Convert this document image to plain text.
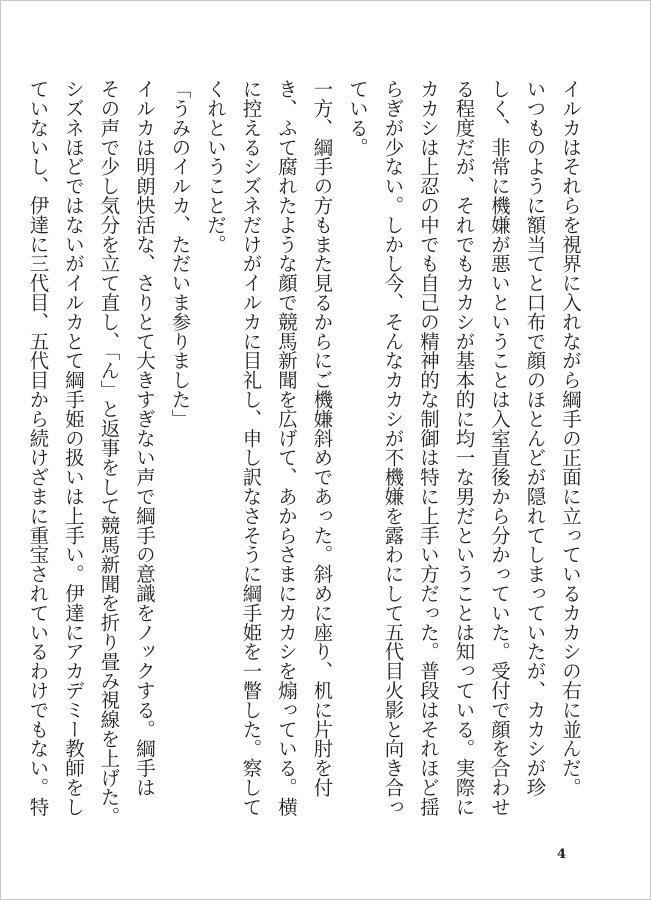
イルカはそれらを視界に入れながら綱手の正面に立っているカカシの右に並んだ。
いつものように額当てと口布で顔のほとんどが隠れてしまっていたが、カカシが珍
しく、非常に機嫌が悪いということは入室直後から分かっていた。受付で顔を合わせ
る程度だが、それでもカカシが基本的に均一な男だということは知っている。実際に
カカシは上忍の中でも自己の精神的な制御は特に上手い方だった。普段はそれほど揺
らぎが少ない。しかし今、そんなカカシが不機嫌を露わにして五代目火影と向き合っ
ている。
一方、綱手の方もまた見るからにご機嫌斜めであった。斜めに座り、机に片肘を付
き、ふて腐れたような顔で競馬新聞を広げて、あからさまにカカシを煽っている。横
に控えるシズネだけがイルカに目礼し、申し訳なさそうに綱手姫を一瞥した。察して
くれということだ。
「うみのイルカ、ただいま参りました」
イルカは明朗快活な、さりとて大きすぎない声で綱手の意識をノックする。綱手は
その声で少し気分を立て直し、「ん」と返事をして競馬新聞を折り畳み視線を上げた。
シズネほどではないがイルカとて綱手姫の扱いは上手い。伊達にアカデミー教師をし
ていないし、伊達に三代目、五代目から続けざまに重宝されているわけでもない。特
4
